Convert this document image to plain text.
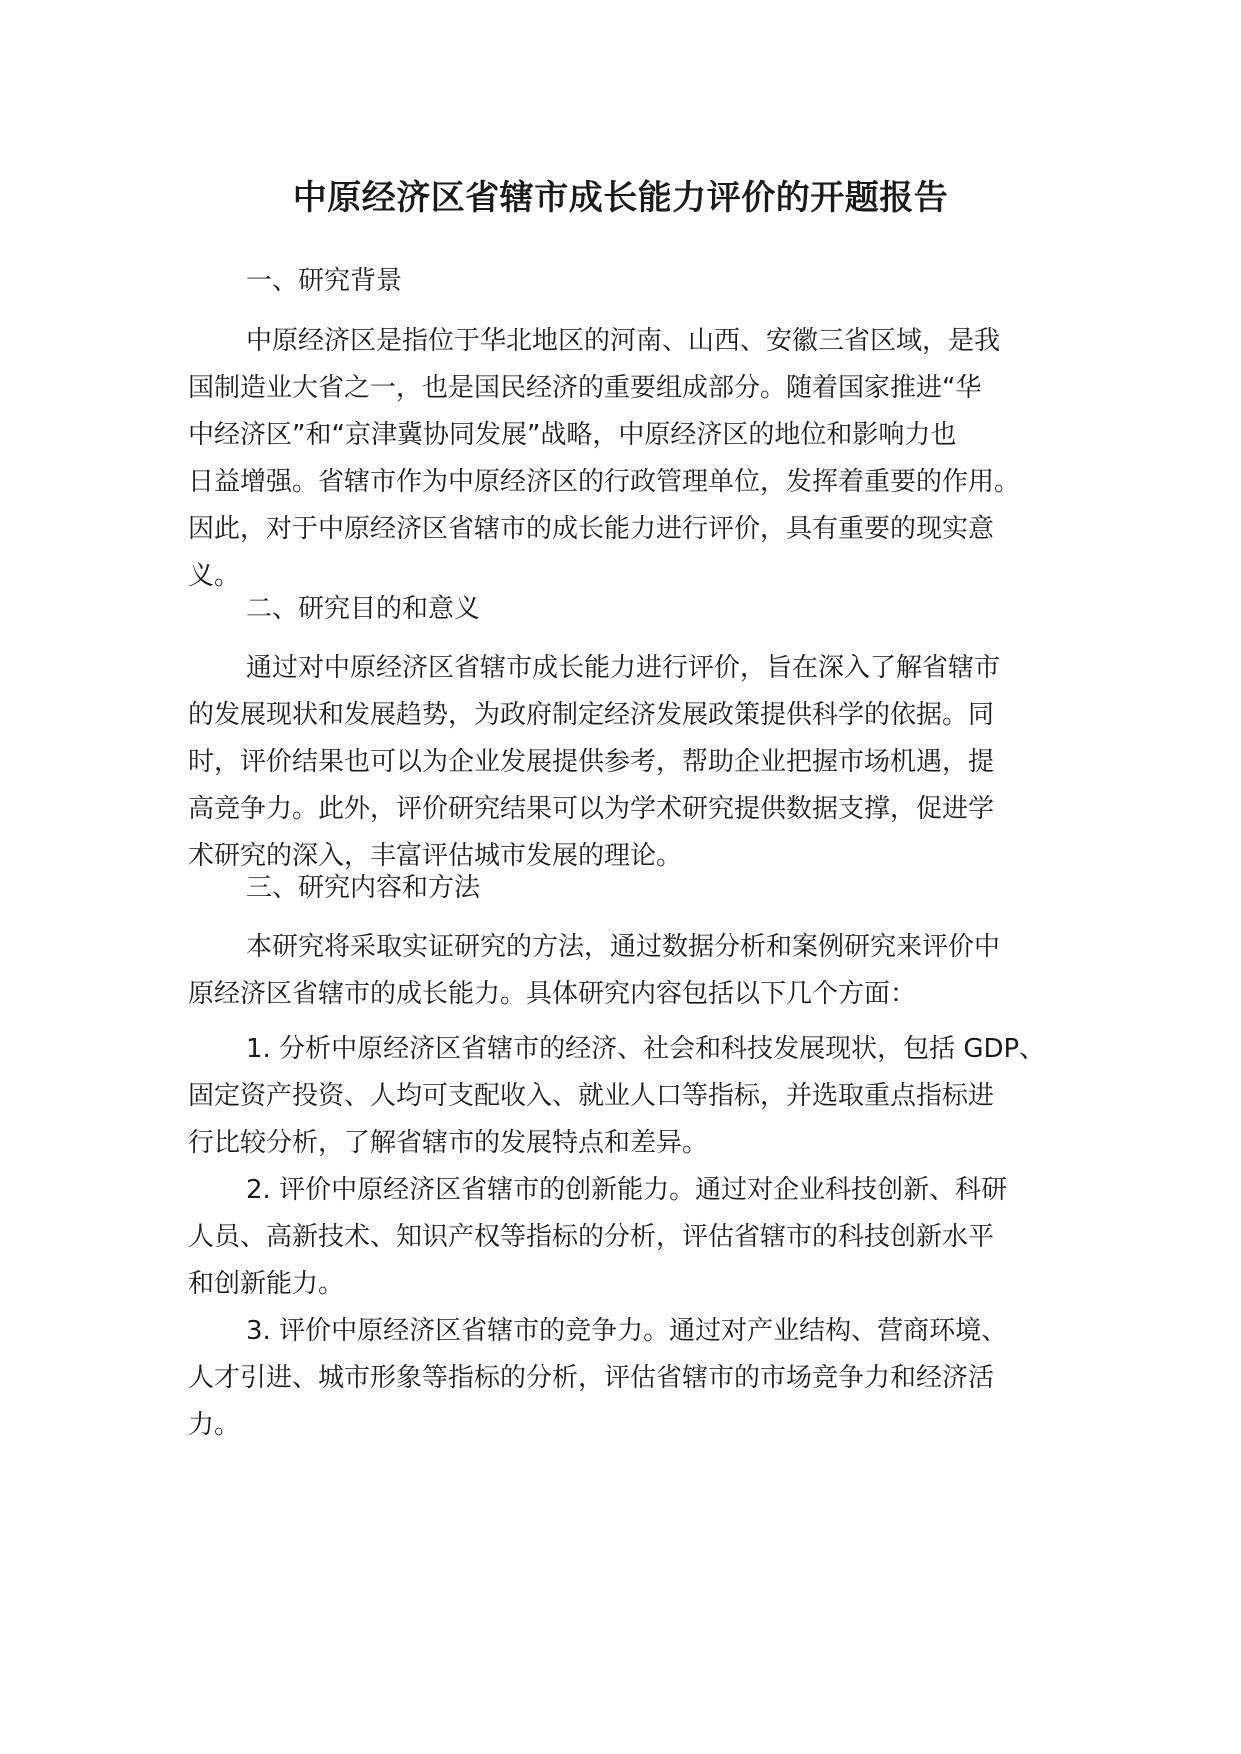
中原经济区省辖市成长能力评价的开题报告
一、研究背景
中原经济区是指位于华北地区的河南、山西、安徽三省区域，是我
国制造业大省之一，也是国民经济的重要组成部分。随着国家推进“华
中经济区”和“京津冀协同发展”战略，中原经济区的地位和影响力也
日益增强。省辖市作为中原经济区的行政管理单位，发挥着重要的作用。
因此，对于中原经济区省辖市的成长能力进行评价，具有重要的现实意
义。
二、研究目的和意义
通过对中原经济区省辖市成长能力进行评价，旨在深入了解省辖市
的发展现状和发展趋势，为政府制定经济发展政策提供科学的依据。同
时，评价结果也可以为企业发展提供参考，帮助企业把握市场机遇，提
高竞争力。此外，评价研究结果可以为学术研究提供数据支撑，促进学
术研究的深入，丰富评估城市发展的理论。
三、研究内容和方法
本研究将采取实证研究的方法，通过数据分析和案例研究来评价中
原经济区省辖市的成长能力。具体研究内容包括以下几个方面：
1. 分析中原经济区省辖市的经济、社会和科技发展现状，包括 GDP、
固定资产投资、人均可支配收入、就业人口等指标，并选取重点指标进
行比较分析，了解省辖市的发展特点和差异。
2. 评价中原经济区省辖市的创新能力。通过对企业科技创新、科研
人员、高新技术、知识产权等指标的分析，评估省辖市的科技创新水平
和创新能力。
3. 评价中原经济区省辖市的竞争力。通过对产业结构、营商环境、
人才引进、城市形象等指标的分析，评估省辖市的市场竞争力和经济活
力。
